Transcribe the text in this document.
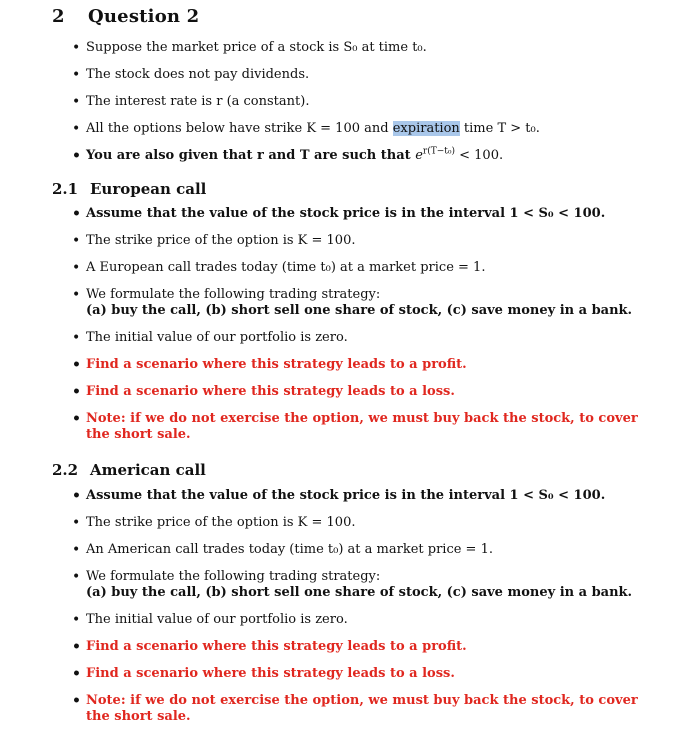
2 Question 2
• Suppose the market price of a stock is S₀ at time t₀.
• The stock does not pay dividends.
• The interest rate is r (a constant).
• All the options below have strike K = 100 and expiration time T > t₀.
• You are also given that r and T are such that $e^{r(T-t_0)} < 100$.
2.1 European call
• Assume that the value of the stock price is in the interval 1 < S₀ < 100.
• The strike price of the option is K = 100.
• A European call trades today (time t₀) at a market price = 1.
• We formulate the following trading strategy:
(a) buy the call, (b) short sell one share of stock, (c) save money in a bank.
• The initial value of our portfolio is zero.
• Find a scenario where this strategy leads to a profit.
• Find a scenario where this strategy leads to a loss.
• Note: if we do not exercise the option, we must buy back the stock, to cover the short sale.
2.2 American call
• Assume that the value of the stock price is in the interval 1 < S₀ < 100.
• The strike price of the option is K = 100.
• An American call trades today (time t₀) at a market price = 1.
• We formulate the following trading strategy:
(a) buy the call, (b) short sell one share of stock, (c) save money in a bank.
• The initial value of our portfolio is zero.
• Find a scenario where this strategy leads to a profit.
• Find a scenario where this strategy leads to a loss.
• Note: if we do not exercise the option, we must buy back the stock, to cover the short sale.
